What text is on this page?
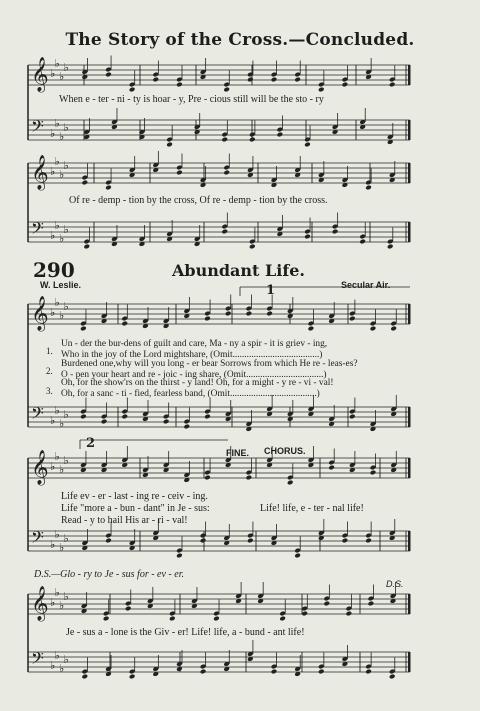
The Story of the Cross.—Concluded.
𝄞 ♭
♭
♭
♭
𝄢 ♭
♭
♭
♭
𝄞 ♭
♭
♭
♭
𝄢 ♭
♭
♭
♭
𝄞 ♭
♭
♭
♭
𝄢 ♭
♭
♭
♭
𝄞 ♭
♭
♭
♭
𝄢 ♭
♭
♭
♭
𝄞 ♭
♭
♭
♭
𝄢 ♭
♭
♭
♭
When e - ter - ni - ty is hoar - y, Pre - cious still will be the sto - ry
Of re - demp - tion by the cross, Of re - demp - tion by the cross.
290	Abundant Life.
W. Leslie.	Secular Air.
1
1.
Un - der the bur-dens of guilt and care, Ma - ny a spir - it is griev - ing,
Who in the joy of the Lord mightshare, (Omit.....................................)
2.
Burdened one,why will you long - er bear Sorrows from which He re - leas-es?
O - pen your heart and re - joic - ing share, (Omit.................................)
3.
Oh, for the show'rs on the thirst - y land! Oh, for a might - y re - vi - val!
Oh, for a sanc - ti - fied, fearless band, (Omit.....................................)
2
FINE. CHORUS.
Life ev - er - last - ing re - ceiv - ing.
Life "more a - bun - dant" in Je - sus:
Read - y to hail His ar - ri - val!
Life! life, e - ter - nal life!
D.S.—Glo - ry to Je - sus for - ev - er.
D.S.
Je - sus a - lone is the Giv - er! Life! life, a - bund - ant life!
